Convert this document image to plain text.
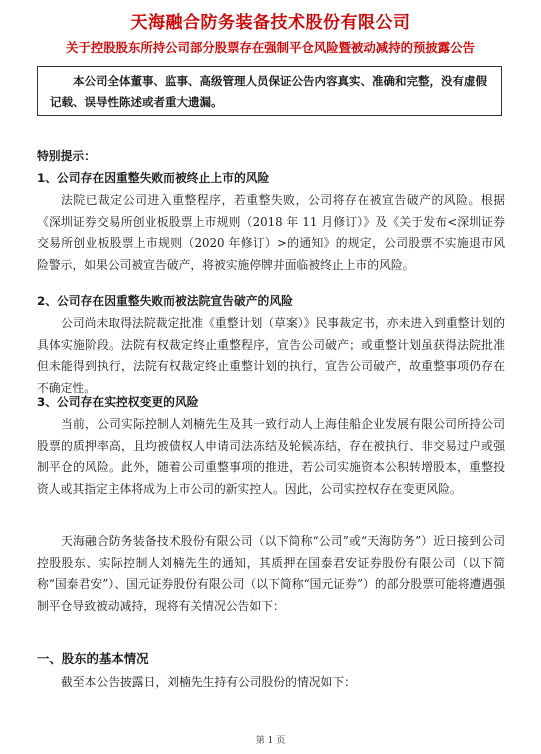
天海融合防务装备技术股份有限公司
关于控股股东所持公司部分股票存在强制平仓风险暨被动减持的预披露公告
本公司全体董事、监事、高级管理人员保证公告内容真实、准确和完整，没有虚假记载、误导性陈述或者重大遗漏。
特别提示：
1、公司存在因重整失败而被终止上市的风险
法院已裁定公司进入重整程序，若重整失败，公司将存在被宣告破产的风险。根据《深圳证券交易所创业板股票上市规则（2018 年 11 月修订）》及《关于发布<深圳证券交易所创业板股票上市规则（2020 年修订）>的通知》的规定，公司股票不实施退市风险警示，如果公司被宣告破产，将被实施停牌并面临被终止上市的风险。
2、公司存在因重整失败而被法院宣告破产的风险
公司尚未取得法院裁定批准《重整计划（草案）》民事裁定书，亦未进入到重整计划的具体实施阶段。法院有权裁定终止重整程序，宣告公司破产；或重整计划虽获得法院批准但未能得到执行，法院有权裁定终止重整计划的执行，宣告公司破产，故重整事项仍存在不确定性。
3、公司存在实控权变更的风险
当前，公司实际控制人刘楠先生及其一致行动人上海佳船企业发展有限公司所持公司股票的质押率高，且均被债权人申请司法冻结及轮候冻结，存在被执行、非交易过户或强制平仓的风险。此外，随着公司重整事项的推进，若公司实施资本公积转增股本，重整投资人或其指定主体将成为上市公司的新实控人。因此，公司实控权存在变更风险。
天海融合防务装备技术股份有限公司（以下简称“公司”或“天海防务”）近日接到公司控股股东、实际控制人刘楠先生的通知，其质押在国泰君安证券股份有限公司（以下简称“国泰君安”）、国元证券股份有限公司（以下简称“国元证券”）的部分股票可能将遭遇强制平仓导致被动减持，现将有关情况公告如下：
一、股东的基本情况
截至本公告披露日，刘楠先生持有公司股份的情况如下：
第 1 页
